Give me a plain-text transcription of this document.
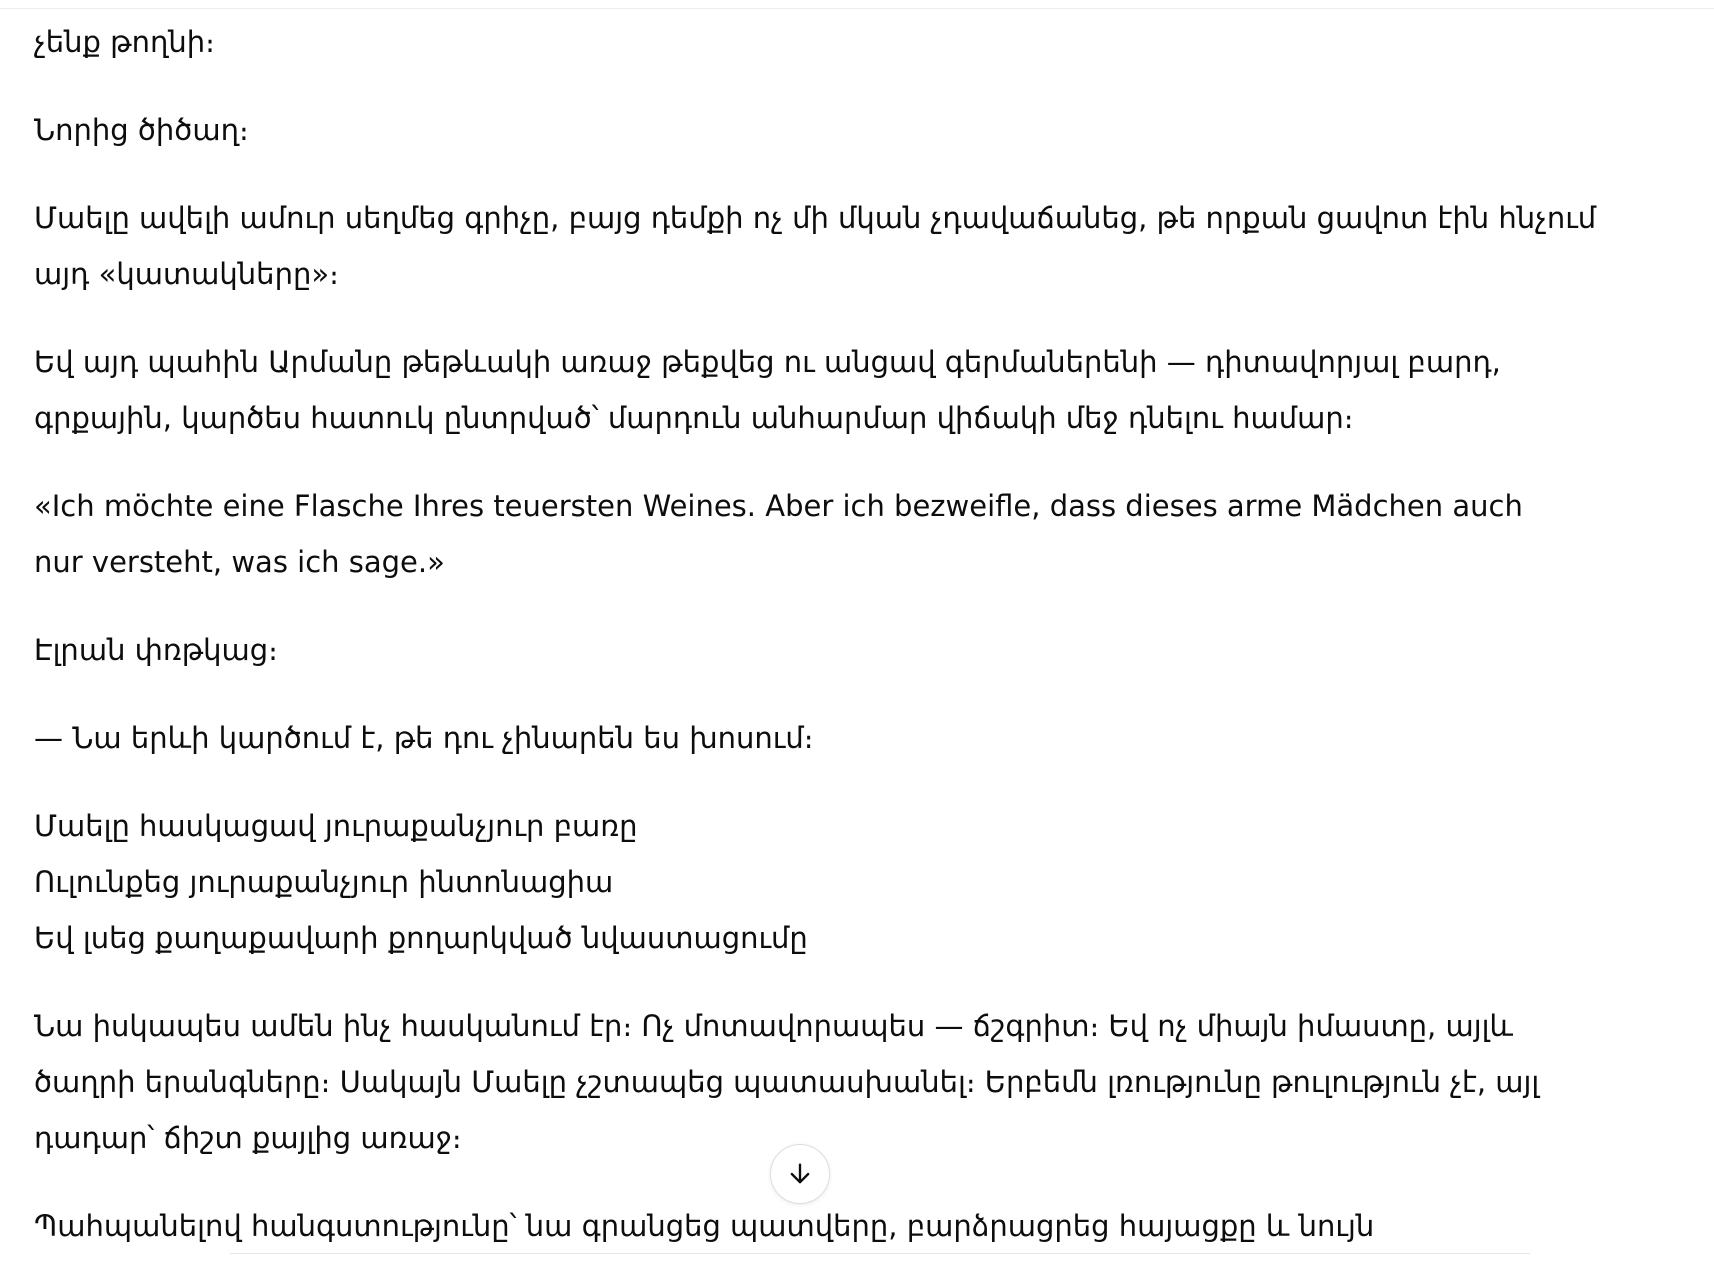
չենք թողնի։

Նորից ծիծաղ։

Մաելը ավելի ամուր սեղմեց գրիչը, բայց դեմքի ոչ մի մկան չդավաճանեց, թե որքան ցավոտ էին հնչում
այդ «կատակները»։

Եվ այդ պահին Արմանը թեթևակի առաջ թեքվեց ու անցավ գերմաներենի — դիտավորյալ բարդ,
գրքային, կարծես հատուկ ընտրված՝ մարդուն անհարմար վիճակի մեջ դնելու համար։

«Ich möchte eine Flasche Ihres teuersten Weines. Aber ich bezweifle, dass dieses arme Mädchen auch
nur versteht, was ich sage.»

Էլրան փռթկաց։

— Նա երևի կարծում է, թե դու չինարեն ես խոսում։

Մաելը հասկացավ յուրաքանչյուր բառը
Ուլունքեց յուրաքանչյուր ինտոնացիա
Եվ լսեց քաղաքավարի քողարկված նվաստացումը

Նա իսկապես ամեն ինչ հասկանում էր։ Ոչ մոտավորապես — ճշգրիտ։ Եվ ոչ միայն իմաստը, այլև
ծաղրի երանգները։ Սակայն Մաելը չշտապեց պատասխանել։ Երբեմն լռությունը թուլություն չէ, այլ
դադար՝ ճիշտ քայլից առաջ։

Պահպանելով հանգստությունը՝ նա գրանցեց պատվերը, բարձրացրեց հայացքը և նույն
